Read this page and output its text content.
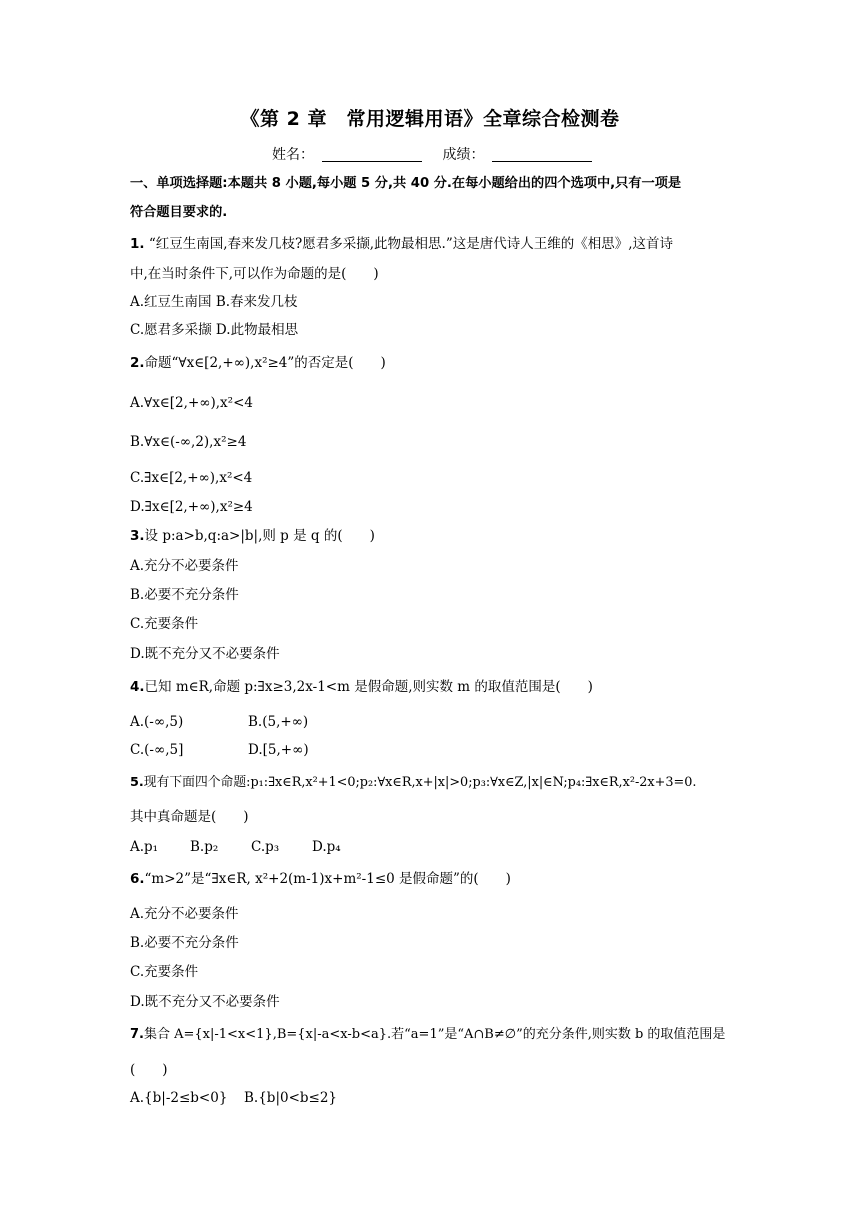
《第 2 章　常用逻辑用语》全章综合检测卷
姓名：	成绩：
一、单项选择题:本题共 8 小题,每小题 5 分,共 40 分.在每小题给出的四个选项中,只有一项是
符合题目要求的.
1. “红豆生南国,春来发几枝?愿君多采撷,此物最相思.”这是唐代诗人王维的《相思》,这首诗
中,在当时条件下,可以作为命题的是(　　)
A.红豆生南国 B.春来发几枝
C.愿君多采撷 D.此物最相思
2.命题“∀x∈[2,+∞),x²≥4”的否定是(　　)
A.∀x∈[2,+∞),x²<4
B.∀x∈(-∞,2),x²≥4
C.∃x∈[2,+∞),x²<4
D.∃x∈[2,+∞),x²≥4
3.设 p:a>b,q:a>|b|,则 p 是 q 的(　　)
A.充分不必要条件
B.必要不充分条件
C.充要条件
D.既不充分又不必要条件
4.已知 m∈R,命题 p:∃x≥3,2x-1<m 是假命题,则实数 m 的取值范围是(　　)
A.(-∞,5)	B.(5,+∞)
C.(-∞,5]	D.[5,+∞)
5.现有下面四个命题:p₁:∃x∈R,x²+1<0;p₂:∀x∈R,x+|x|>0;p₃:∀x∈Z,|x|∈N;p₄:∃x∈R,x²-2x+3=0.
其中真命题是(　　)
A.p₁ B.p₂ C.p₃ D.p₄
6.“m>2”是“∃x∈R, x²+2(m-1)x+m²-1≤0 是假命题”的(　　)
A.充分不必要条件
B.必要不充分条件
C.充要条件
D.既不充分又不必要条件
7.集合 A={x|-1<x<1},B={x|-a<x-b<a}.若“a=1”是“A∩B≠∅”的充分条件,则实数 b 的取值范围是
(　　)
A.{b|-2≤b<0} B.{b|0<b≤2}
